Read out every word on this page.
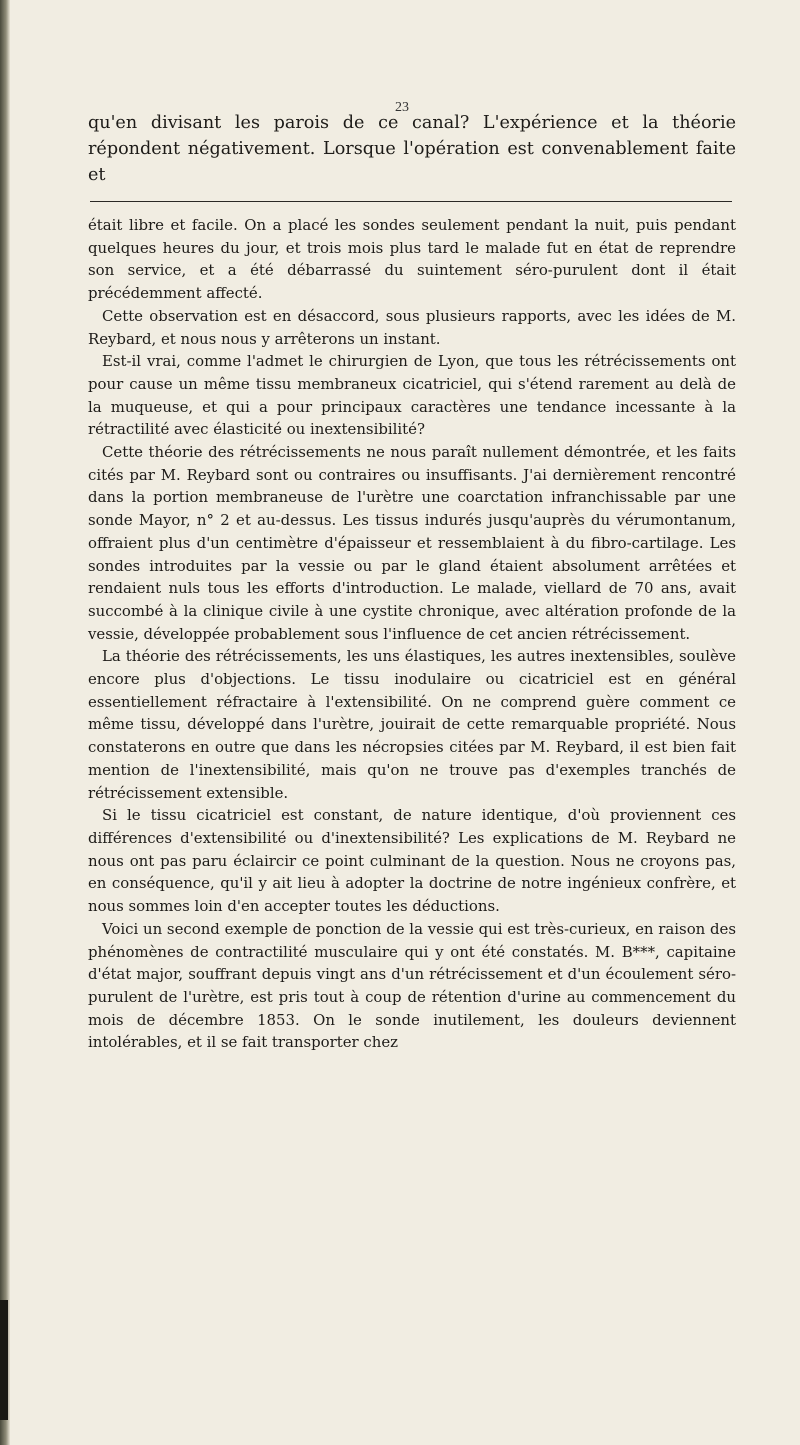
23

qu'en divisant les parois de ce canal? L'expérience et la théorie répondent négativement. Lorsque l'opération est convenablement faite et

était libre et facile. On a placé les sondes seulement pendant la nuit, puis pendant quelques heures du jour, et trois mois plus tard le malade fut en état de reprendre son service, et a été débarrassé du suintement séro-purulent dont il était précédemment affecté.

Cette observation est en désaccord, sous plusieurs rapports, avec les idées de M. Reybard, et nous nous y arrêterons un instant.

Est-il vrai, comme l'admet le chirurgien de Lyon, que tous les rétrécissements ont pour cause un même tissu membraneux cicatriciel, qui s'étend rarement au delà de la muqueuse, et qui a pour principaux caractères une tendance incessante à la rétractilité avec élasticité ou inextensibilité?

Cette théorie des rétrécissements ne nous paraît nullement démontrée, et les faits cités par M. Reybard sont ou contraires ou insuffisants. J'ai dernièrement rencontré dans la portion membraneuse de l'urètre une coarctation infranchissable par une sonde Mayor, n° 2 et au-dessus. Les tissus indurés jusqu'auprès du vérumontanum, offraient plus d'un centimètre d'épaisseur et ressemblaient à du fibro-cartilage. Les sondes introduites par la vessie ou par le gland étaient absolument arrêtées et rendaient nuls tous les efforts d'introduction. Le malade, viellard de 70 ans, avait succombé à la clinique civile à une cystite chronique, avec altération profonde de la vessie, développée probablement sous l'influence de cet ancien rétrécissement.

La théorie des rétrécissements, les uns élastiques, les autres inextensibles, soulève encore plus d'objections. Le tissu inodulaire ou cicatriciel est en général essentiellement réfractaire à l'extensibilité. On ne comprend guère comment ce même tissu, développé dans l'urètre, jouirait de cette remarquable propriété. Nous constaterons en outre que dans les nécropsies citées par M. Reybard, il est bien fait mention de l'inextensibilité, mais qu'on ne trouve pas d'exemples tranchés de rétrécissement extensible.

Si le tissu cicatriciel est constant, de nature identique, d'où proviennent ces différences d'extensibilité ou d'inextensibilité? Les explications de M. Reybard ne nous ont pas paru éclaircir ce point culminant de la question. Nous ne croyons pas, en conséquence, qu'il y ait lieu à adopter la doctrine de notre ingénieux confrère, et nous sommes loin d'en accepter toutes les déductions.

Voici un second exemple de ponction de la vessie qui est très-curieux, en raison des phénomènes de contractilité musculaire qui y ont été constatés. M. B***, capitaine d'état major, souffrant depuis vingt ans d'un rétrécissement et d'un écoulement séro-purulent de l'urètre, est pris tout à coup de rétention d'urine au commencement du mois de décembre 1853. On le sonde inutilement, les douleurs deviennent intolérables, et il se fait transporter chez
